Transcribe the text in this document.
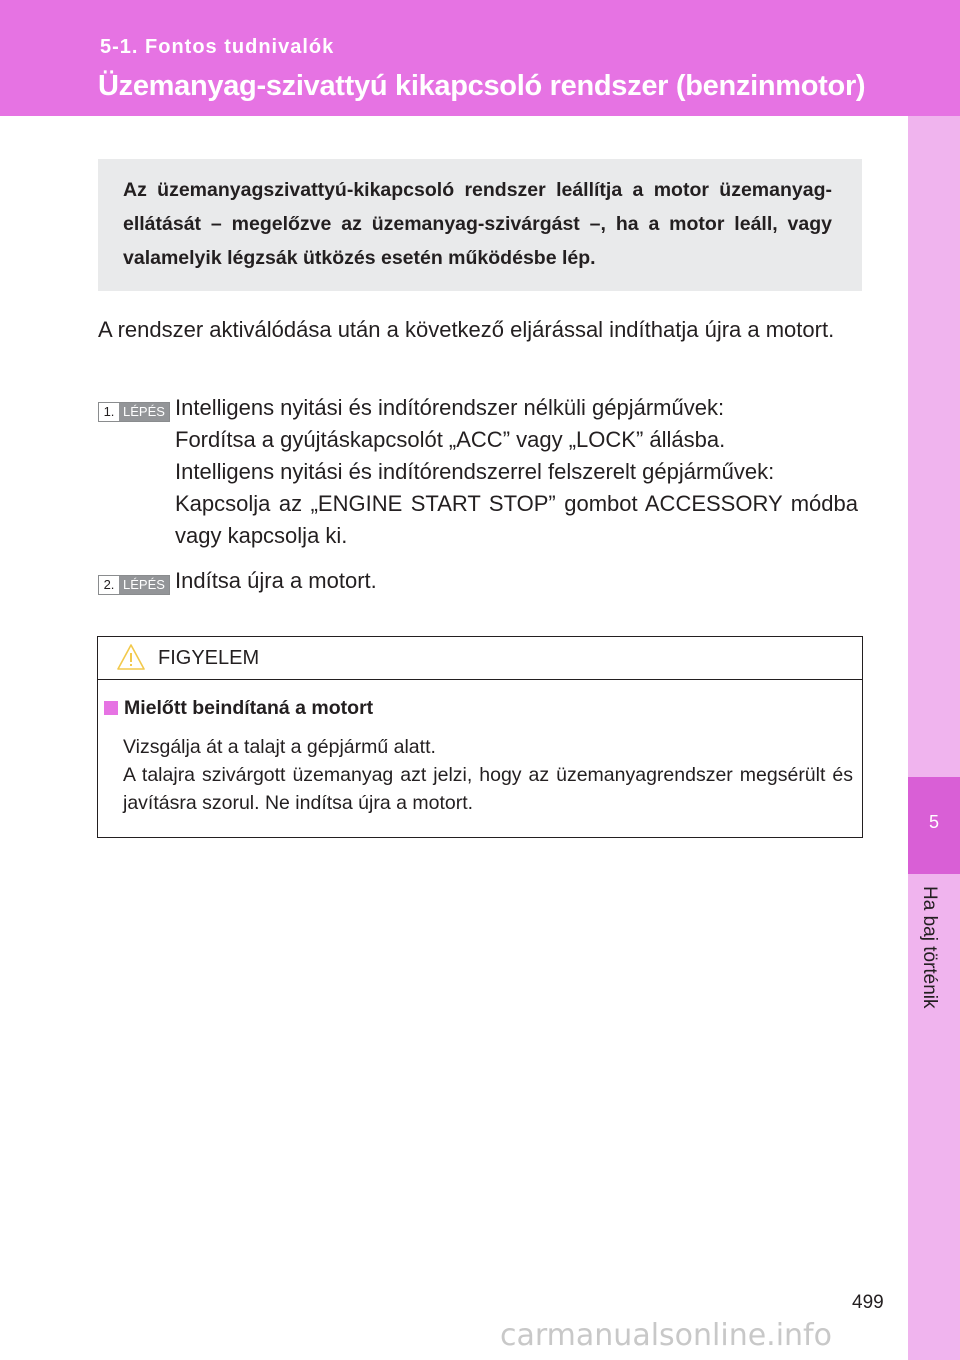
5-1. Fontos tudnivalók
Üzemanyag-szivattyú kikapcsoló rendszer (benzinmotor)
5
Ha baj történik
Az üzemanyagszivattyú-kikapcsoló rendszer leállítja a motor üzemanyag-ellátását – megelőzve az üzemanyag-szivárgást –, ha a motor leáll, vagy valamelyik légzsák ütközés esetén működésbe lép.
A rendszer aktiválódása után a következő eljárással indíthatja újra a motort.
1. LÉPÉS Intelligens nyitási és indítórendszer nélküli gépjárművek:
Fordítsa a gyújtáskapcsolót „ACC” vagy „LOCK” állásba.
Intelligens nyitási és indítórendszerrel felszerelt gépjárművek:
Kapcsolja az „ENGINE START STOP” gombot ACCESSORY módba vagy kapcsolja ki.
2. LÉPÉS Indítsa újra a motort.
FIGYELEM
Mielőtt beindítaná a motort
Vizsgálja át a talajt a gépjármű alatt.
A talajra szivárgott üzemanyag azt jelzi, hogy az üzemanyagrendszer megsérült és javításra szorul. Ne indítsa újra a motort.
499
carmanualsonline.info
